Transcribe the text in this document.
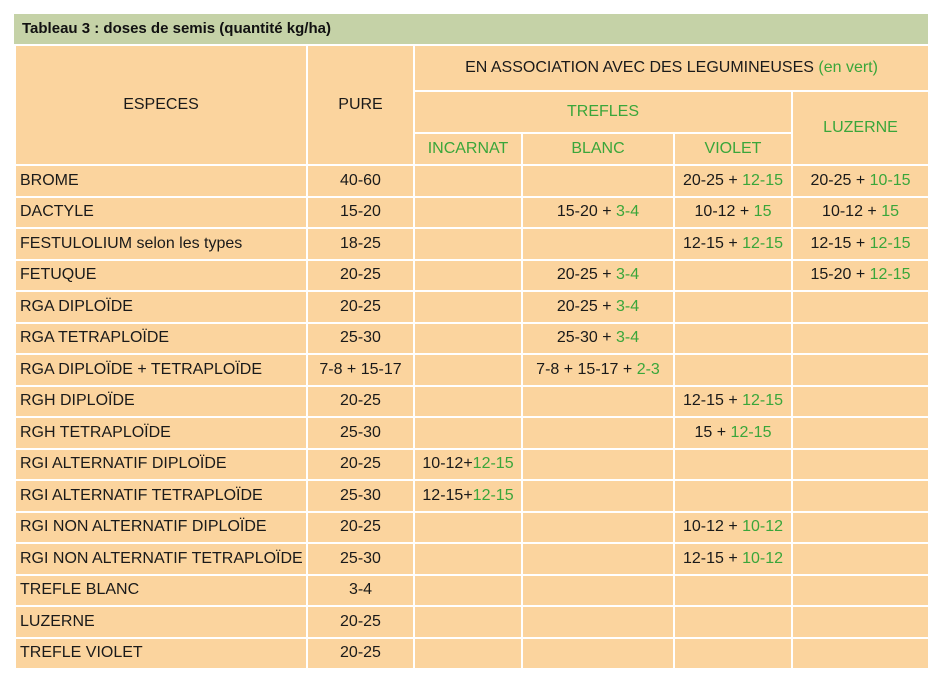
Tableau 3 : doses de semis (quantité kg/ha)
ESPECES	PURE	EN ASSOCIATION AVEC DES LEGUMINEUSES (en vert)			
		TREFLES			LUZERNE
		INCARNAT	BLANC	VIOLET	
BROME	40-60			20-25 + 12-15	20-25 + 10-15
DACTYLE	15-20		15-20 + 3-4	10-12 + 15	10-12 + 15
FESTULOLIUM selon les types	18-25			12-15 + 12-15	12-15 + 12-15
FETUQUE	20-25		20-25 + 3-4		15-20 + 12-15
RGA DIPLOÏDE	20-25		20-25 + 3-4		
RGA TETRAPLOÏDE	25-30		25-30 + 3-4		
RGA DIPLOÏDE + TETRAPLOÏDE	7-8 + 15-17		7-8 + 15-17 + 2-3		
RGH DIPLOÏDE	20-25			12-15 + 12-15	
RGH TETRAPLOÏDE	25-30			15 + 12-15	
RGI ALTERNATIF DIPLOÏDE	20-25	10-12+12-15			
RGI ALTERNATIF TETRAPLOÏDE	25-30	12-15+12-15			
RGI NON ALTERNATIF DIPLOÏDE	20-25			10-12 + 10-12	
RGI NON ALTERNATIF TETRAPLOÏDE	25-30			12-15 + 10-12	
TREFLE BLANC	3-4				
LUZERNE	20-25				
TREFLE VIOLET	20-25				
